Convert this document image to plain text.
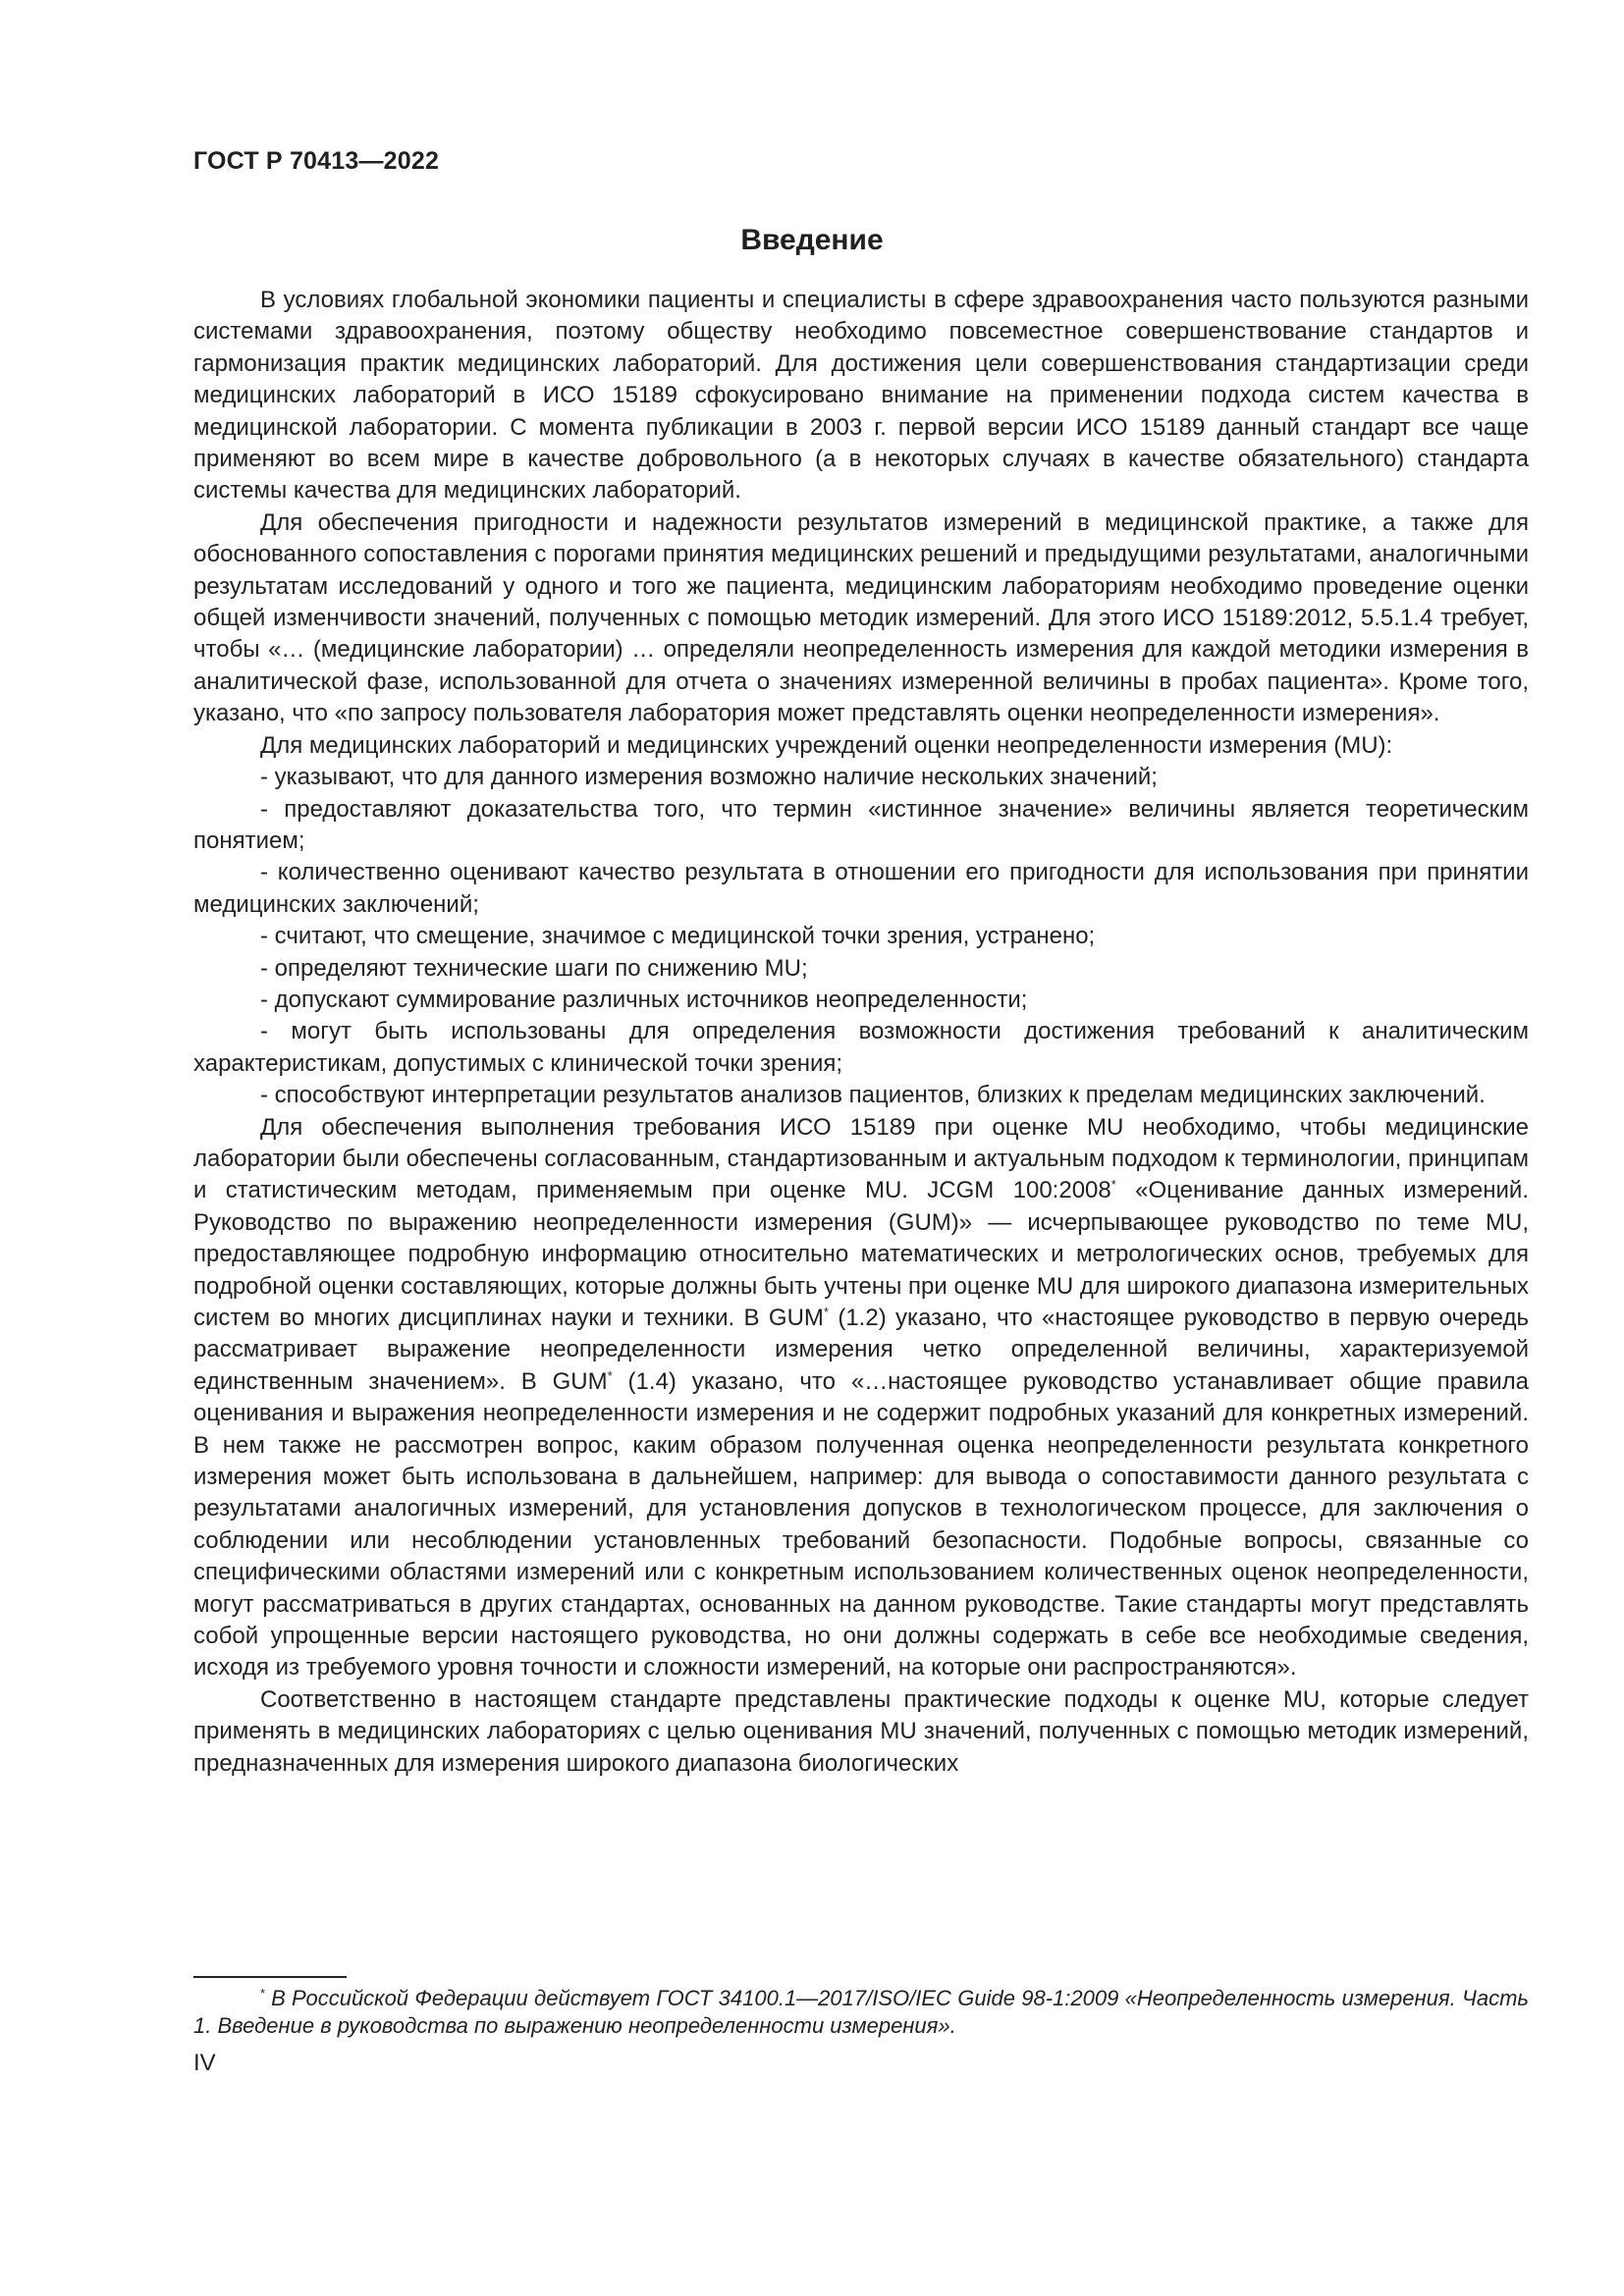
ГОСТ Р 70413—2022
Введение

В условиях глобальной экономики пациенты и специалисты в сфере здравоохранения часто пользуются разными системами здравоохранения, поэтому обществу необходимо повсеместное совершенствование стандартов и гармонизация практик медицинских лабораторий. Для достижения цели совершенствования стандартизации среди медицинских лабораторий в ИСО 15189 сфокусировано внимание на применении подхода систем качества в медицинской лаборатории. С момента публикации в 2003 г. первой версии ИСО 15189 данный стандарт все чаще применяют во всем мире в качестве добровольного (а в некоторых случаях в качестве обязательного) стандарта системы качества для медицинских лабораторий.

Для обеспечения пригодности и надежности результатов измерений в медицинской практике, а также для обоснованного сопоставления с порогами принятия медицинских решений и предыдущими результатами, аналогичными результатам исследований у одного и того же пациента, медицинским лабораториям необходимо проведение оценки общей изменчивости значений, полученных с помощью методик измерений. Для этого ИСО 15189:2012, 5.5.1.4 требует, чтобы «… (медицинские лаборатории) … определяли неопределенность измерения для каждой методики измерения в аналитической фазе, использованной для отчета о значениях измеренной величины в пробах пациента». Кроме того, указано, что «по запросу пользователя лаборатория может представлять оценки неопределенности измерения».

Для медицинских лабораторий и медицинских учреждений оценки неопределенности измерения (MU):

- указывают, что для данного измерения возможно наличие нескольких значений;

- предоставляют доказательства того, что термин «истинное значение» величины является теоретическим понятием;

- количественно оценивают качество результата в отношении его пригодности для использования при принятии медицинских заключений;

- считают, что смещение, значимое с медицинской точки зрения, устранено;

- определяют технические шаги по снижению MU;

- допускают суммирование различных источников неопределенности;

- могут быть использованы для определения возможности достижения требований к аналитическим характеристикам, допустимых с клинической точки зрения;

- способствуют интерпретации результатов анализов пациентов, близких к пределам медицинских заключений.

Для обеспечения выполнения требования ИСО 15189 при оценке MU необходимо, чтобы медицинские лаборатории были обеспечены согласованным, стандартизованным и актуальным подходом к терминологии, принципам и статистическим методам, применяемым при оценке MU. JCGM 100:2008* «Оценивание данных измерений. Руководство по выражению неопределенности измерения (GUM)» — исчерпывающее руководство по теме MU, предоставляющее подробную информацию относительно математических и метрологических основ, требуемых для подробной оценки составляющих, которые должны быть учтены при оценке MU для широкого диапазона измерительных систем во многих дисциплинах науки и техники. В GUM* (1.2) указано, что «настоящее руководство в первую очередь рассматривает выражение неопределенности измерения четко определенной величины, характеризуемой единственным значением». В GUM* (1.4) указано, что «…настоящее руководство устанавливает общие правила оценивания и выражения неопределенности измерения и не содержит подробных указаний для конкретных измерений. В нем также не рассмотрен вопрос, каким образом полученная оценка неопределенности результата конкретного измерения может быть использована в дальнейшем, например: для вывода о сопоставимости данного результата с результатами аналогичных измерений, для установления допусков в технологическом процессе, для заключения о соблюдении или несоблюдении установленных требований безопасности. Подобные вопросы, связанные со специфическими областями измерений или с конкретным использованием количественных оценок неопределенности, могут рассматриваться в других стандартах, основанных на данном руководстве. Такие стандарты могут представлять собой упрощенные версии настоящего руководства, но они должны содержать в себе все необходимые сведения, исходя из требуемого уровня точности и сложности измерений, на которые они распространяются».

Соответственно в настоящем стандарте представлены практические подходы к оценке MU, которые следует применять в медицинских лабораториях с целью оценивания MU значений, полученных с помощью методик измерений, предназначенных для измерения широкого диапазона биологических

* В Российской Федерации действует ГОСТ 34100.1—2017/ISO/IEC Guide 98-1:2009 «Неопределенность измерения. Часть 1. Введение в руководства по выражению неопределенности измерения».
IV
